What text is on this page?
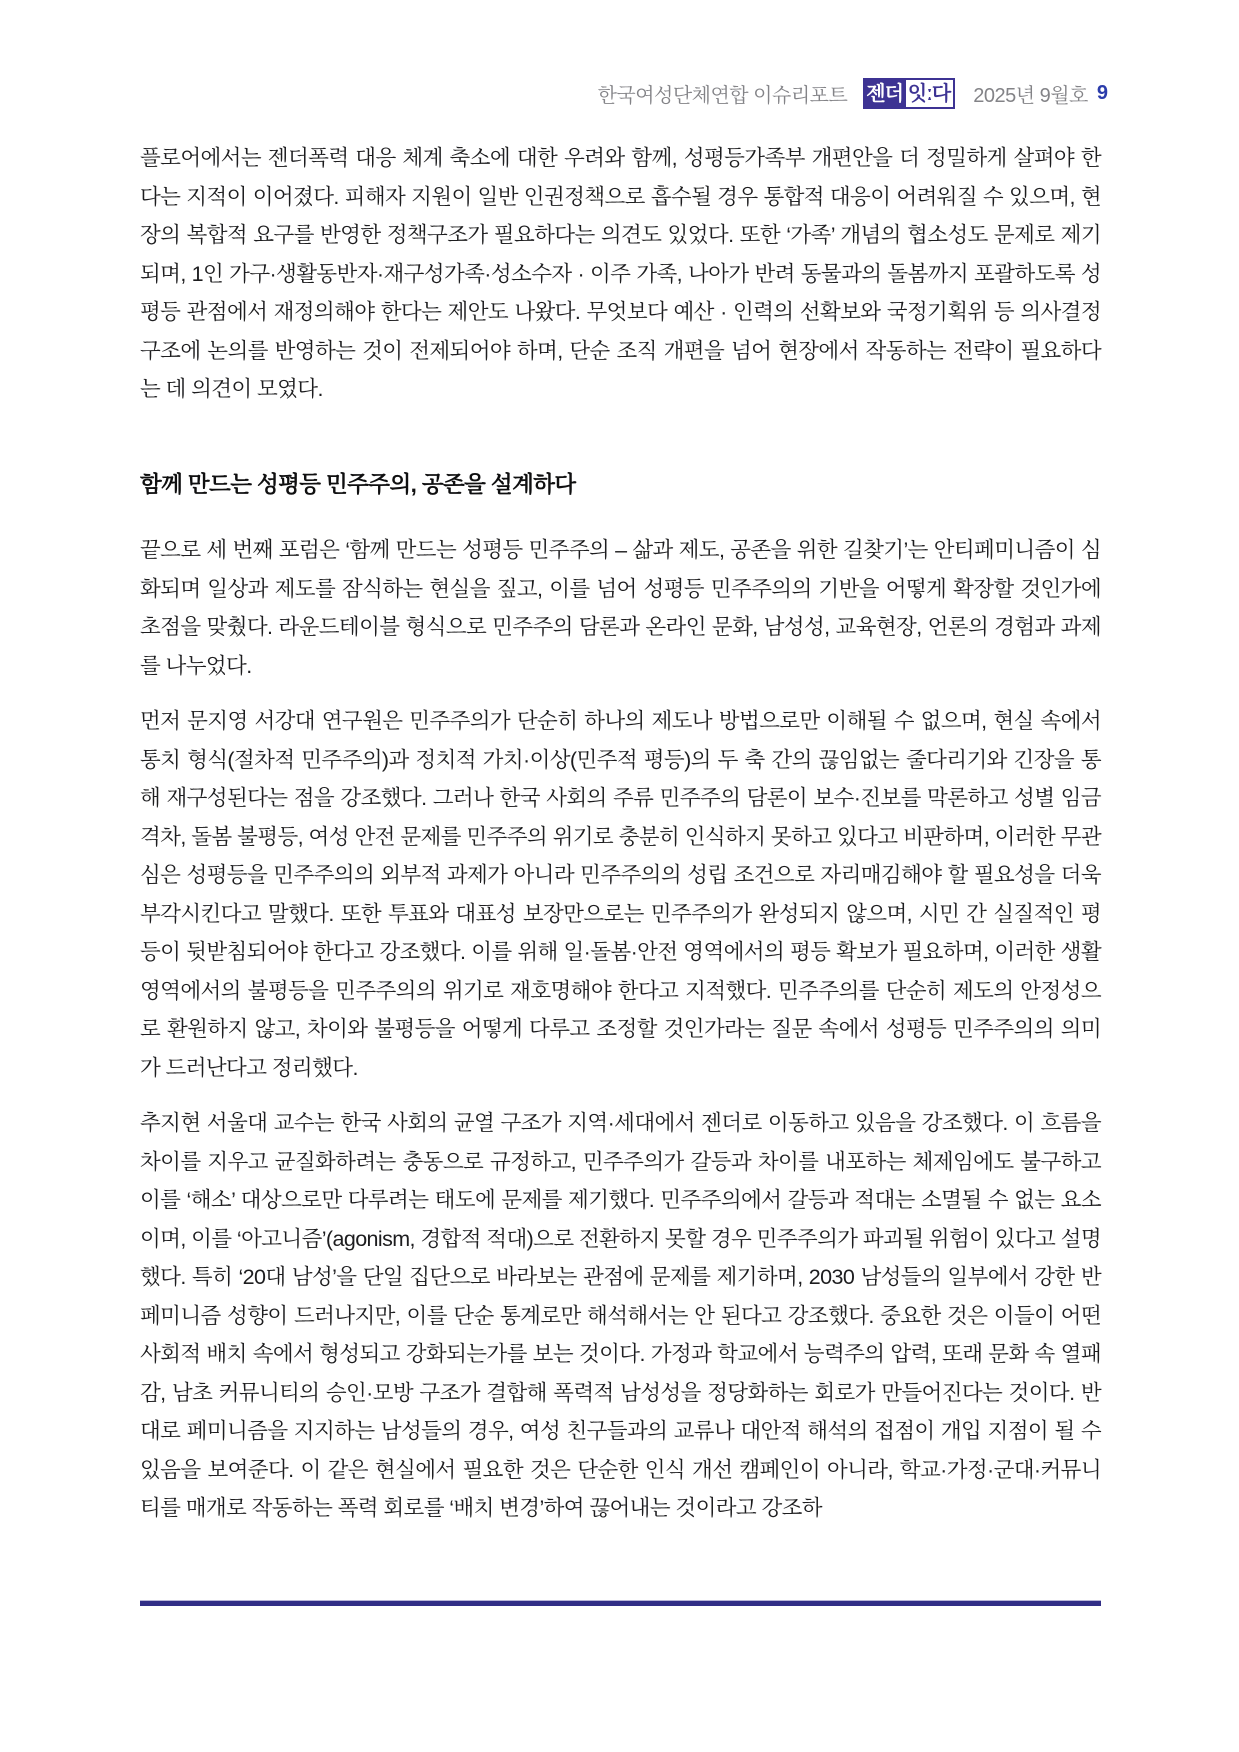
한국여성단체연합 이슈리포트 젠더 잇ː다 2025년 9월호 9

플로어에서는 젠더폭력 대응 체계 축소에 대한 우려와 함께, 성평등가족부 개편안을 더 정밀하게 살펴야 한다는 지적이 이어졌다. 피해자 지원이 일반 인권정책으로 흡수될 경우 통합적 대응이 어려워질 수 있으며, 현장의 복합적 요구를 반영한 정책구조가 필요하다는 의견도 있었다. 또한 ‘가족’ 개념의 협소성도 문제로 제기되며, 1인 가구·생활동반자·재구성가족·성소수자 · 이주 가족, 나아가 반려 동물과의 돌봄까지 포괄하도록 성평등 관점에서 재정의해야 한다는 제안도 나왔다. 무엇보다 예산 · 인력의 선확보와 국정기획위 등 의사결정 구조에 논의를 반영하는 것이 전제되어야 하며, 단순 조직 개편을 넘어 현장에서 작동하는 전략이 필요하다는 데 의견이 모였다.

함께 만드는 성평등 민주주의, 공존을 설계하다

끝으로 세 번째 포럼은 ‘함께 만드는 성평등 민주주의 – 삶과 제도, 공존을 위한 길찾기’는 안티페미니즘이 심화되며 일상과 제도를 잠식하는 현실을 짚고, 이를 넘어 성평등 민주주의의 기반을 어떻게 확장할 것인가에 초점을 맞췄다. 라운드테이블 형식으로 민주주의 담론과 온라인 문화, 남성성, 교육현장, 언론의 경험과 과제를 나누었다.

먼저 문지영 서강대 연구원은 민주주의가 단순히 하나의 제도나 방법으로만 이해될 수 없으며, 현실 속에서 통치 형식(절차적 민주주의)과 정치적 가치·이상(민주적 평등)의 두 축 간의 끊임없는 줄다리기와 긴장을 통해 재구성된다는 점을 강조했다. 그러나 한국 사회의 주류 민주주의 담론이 보수·진보를 막론하고 성별 임금격차, 돌봄 불평등, 여성 안전 문제를 민주주의 위기로 충분히 인식하지 못하고 있다고 비판하며, 이러한 무관심은 성평등을 민주주의의 외부적 과제가 아니라 민주주의의 성립 조건으로 자리매김해야 할 필요성을 더욱 부각시킨다고 말했다. 또한 투표와 대표성 보장만으로는 민주주의가 완성되지 않으며, 시민 간 실질적인 평등이 뒷받침되어야 한다고 강조했다. 이를 위해 일·돌봄·안전 영역에서의 평등 확보가 필요하며, 이러한 생활 영역에서의 불평등을 민주주의의 위기로 재호명해야 한다고 지적했다. 민주주의를 단순히 제도의 안정성으로 환원하지 않고, 차이와 불평등을 어떻게 다루고 조정할 것인가라는 질문 속에서 성평등 민주주의의 의미가 드러난다고 정리했다.

추지현 서울대 교수는 한국 사회의 균열 구조가 지역·세대에서 젠더로 이동하고 있음을 강조했다. 이 흐름을 차이를 지우고 균질화하려는 충동으로 규정하고, 민주주의가 갈등과 차이를 내포하는 체제임에도 불구하고 이를 ‘해소’ 대상으로만 다루려는 태도에 문제를 제기했다. 민주주의에서 갈등과 적대는 소멸될 수 없는 요소이며, 이를 ‘아고니즘’(agonism, 경합적 적대)으로 전환하지 못할 경우 민주주의가 파괴될 위험이 있다고 설명했다. 특히 ‘20대 남성’을 단일 집단으로 바라보는 관점에 문제를 제기하며, 2030 남성들의 일부에서 강한 반페미니즘 성향이 드러나지만, 이를 단순 통계로만 해석해서는 안 된다고 강조했다. 중요한 것은 이들이 어떤 사회적 배치 속에서 형성되고 강화되는가를 보는 것이다. 가정과 학교에서 능력주의 압력, 또래 문화 속 열패감, 남초 커뮤니티의 승인·모방 구조가 결합해 폭력적 남성성을 정당화하는 회로가 만들어진다는 것이다. 반대로 페미니즘을 지지하는 남성들의 경우, 여성 친구들과의 교류나 대안적 해석의 접점이 개입 지점이 될 수 있음을 보여준다. 이 같은 현실에서 필요한 것은 단순한 인식 개선 캠페인이 아니라, 학교·가정·군대·커뮤니티를 매개로 작동하는 폭력 회로를 ‘배치 변경’하여 끊어내는 것이라고 강조하
